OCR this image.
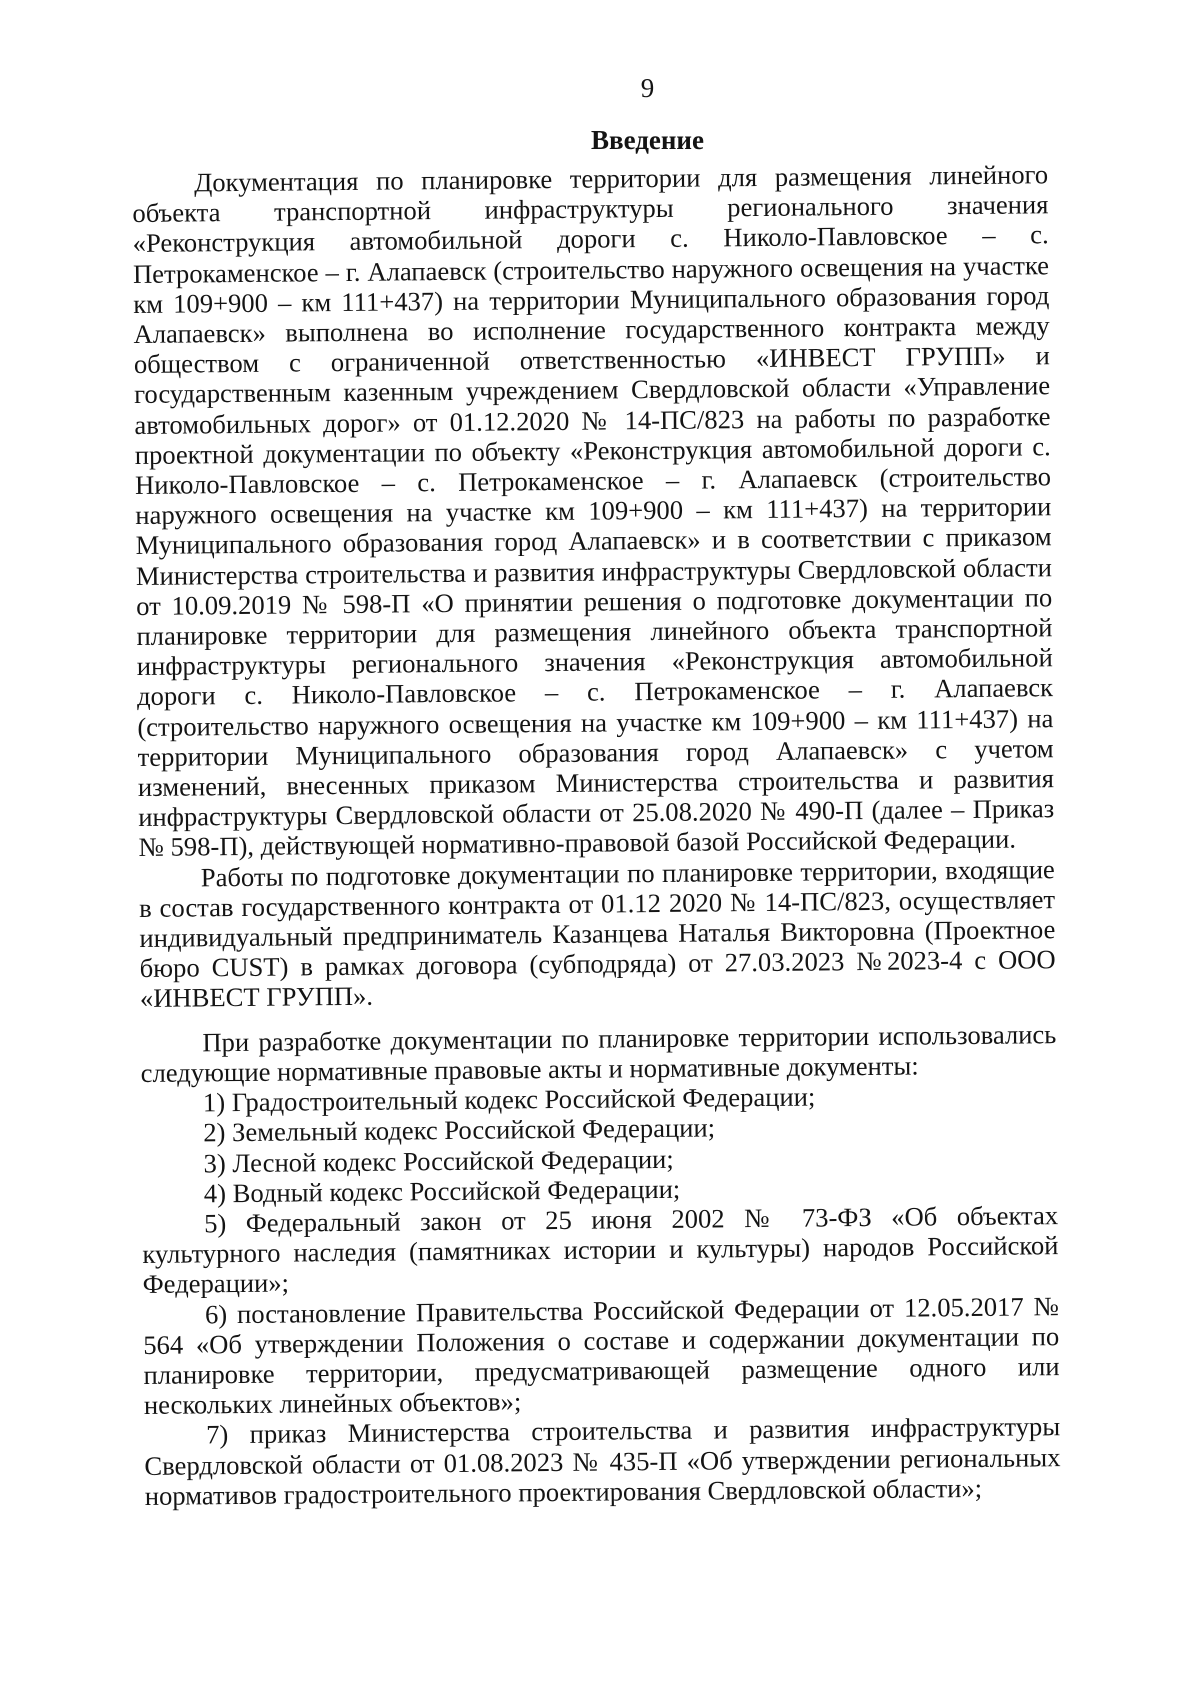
9
Введение

Документация по планировке территории для размещения линейного объекта транспортной инфраструктуры регионального значения «Реконструкция автомобильной дороги с. Николо-Павловское – с. Петрокаменское – г. Алапаевск (строительство наружного освещения на участке км 109+900 – км 111+437) на территории Муниципального образования город Алапаевск» выполнена во исполнение государственного контракта между обществом с ограниченной ответственностью «ИНВЕСТ ГРУПП» и государственным казенным учреждением Свердловской области «Управление автомобильных дорог» от 01.12.2020 № 14-ПС/823 на работы по разработке проектной документации по объекту «Реконструкция автомобильной дороги с. Николо-Павловское – с. Петрокаменское – г. Алапаевск (строительство наружного освещения на участке км 109+900 – км 111+437) на территории Муниципального образования город Алапаевск» и в соответствии с приказом Министерства строительства и развития инфраструктуры Свердловской области от 10.09.2019 № 598-П «О принятии решения о подготовке документации по планировке территории для размещения линейного объекта транспортной инфраструктуры регионального значения «Реконструкция автомобильной дороги с. Николо-Павловское – с. Петрокаменское – г. Алапаевск (строительство наружного освещения на участке км 109+900 – км 111+437) на территории Муниципального образования город Алапаевск» с учетом изменений, внесенных приказом Министерства строительства и развития инфраструктуры Свердловской области от 25.08.2020 № 490-П (далее – Приказ № 598-П), действующей нормативно-правовой базой Российской Федерации.

Работы по подготовке документации по планировке территории, входящие в состав государственного контракта от 01.12 2020 № 14-ПС/823, осуществляет индивидуальный предприниматель Казанцева Наталья Викторовна (Проектное бюро CUST) в рамках договора (субподряда) от 27.03.2023 №2023-4 с ООО «ИНВЕСТ ГРУПП».

При разработке документации по планировке территории использовались следующие нормативные правовые акты и нормативные документы:

1) Градостроительный кодекс Российской Федерации;

2) Земельный кодекс Российской Федерации;

3) Лесной кодекс Российской Федерации;

4) Водный кодекс Российской Федерации;

5) Федеральный закон от 25 июня 2002 № 73-ФЗ «Об объектах культурного наследия (памятниках истории и культуры) народов Российской Федерации»;

6) постановление Правительства Российской Федерации от 12.05.2017 № 564 «Об утверждении Положения о составе и содержании документации по планировке территории, предусматривающей размещение одного или нескольких линейных объектов»;

7) приказ Министерства строительства и развития инфраструктуры Свердловской области от 01.08.2023 № 435-П «Об утверждении региональных нормативов градостроительного проектирования Свердловской области»;
